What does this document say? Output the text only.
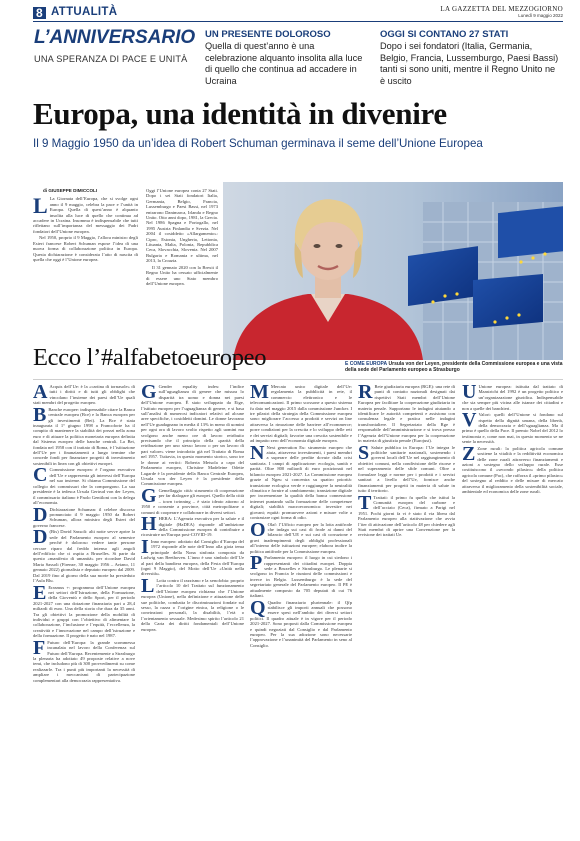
8 ATTUALITÀ	LA GAZZETTA DEL MEZZOGIORNO
Lunedì 9 maggio 2022
L’ANNIVERSARIO
UNA SPERANZA DI PACE E UNITÀ
UN PRESENTE DOLOROSO
Quella di quest’anno è una celebrazione alquanto insolita alla luce di quello che continua ad accadere in Ucraina
OGGI SI CONTANO 27 STATI
Dopo i sei fondatori (Italia, Germania, Belgio, Francia, Lussemburgo, Paesi Bassi) tanti si sono uniti, mentre il Regno Unito ne è uscito
Europa, una identità in divenire
Il 9 Maggio 1950 da un’idea di Robert Schuman germinava il seme dell’Unione Europea
di GIUSEPPE DIMICCOLI

L La Giornata dell’Europa, che si svolge ogni anno il 9 maggio, celebra la pace e l’unità in Europa. Quella di quest’anno è alquanto insolita alla luce di quello che continua ad accadere in Ucraina. Insomma è indispensabile che tutti riflettano sull’importanza del messaggio dei Padri fondatori dell’Unione europea.

Nel 1950, proprio il 9 Maggio, l’allora ministro degli Esteri francese Robert Schuman espose l’idea di una nuova forma di collaborazione politica in Europa. Questa dichiarazione è considerata l’atto di nascita di quella che oggi è l’Unione europea.

Oggi l’Unione europea conta 27 Stati. Dopo i sei Stati fondatori Italia, Germania, Belgio, Francia, Lussemburgo e Paesi Bassi, nel 1973 entrarono Danimarca, Irlanda e Regno Unito. Otto anni dopo, 1981, la Grecia. Nel 1986 Spagna e Portogallo, nel 1995 Austria Finlandia e Svezia. Nel 2004 il cosiddetto «Allargamento»: Cipro, Estonia, Ungheria, Lettonia, Lituania, Malta, Polonia, Repubblica Ceca, Slovacchia, Slovenia. Nel 2007 Bulgaria e Romania e ultima, nel 2013, la Croazia.

Il 31 gennaio 2020 con la Brexit il Regno Unito ha cessato ufficialmente di essere uno Stato membro dell’Unione europea.

Ecco l’#alfabetoeuropeo	E COME EUROPA Ursula von der Leyen, presidente della Commissione europea e una vista della sede del Parlamento europeo a Strasburgo

A Acquis dell’Ue: è la «cartina di tornasole» di tutti i diritti e di tutti gli obblighi che vincolano l’insieme dei paesi dell’Ue quali stati membri del progetto europeo.

B Banche europee: indispensabile citare la Banca centrale europea (Bce) e la Banca europea per gli investimenti (Bei). La Bce è stata inaugurata il 1° giugno 1998 a Francoforte ha il compito di mantenere la stabilità dei prezzi nella zona euro e di attuare la politica monetaria europea definita dal Sistema europeo delle banche centrali. La Bei, fondata nel 1958 con il trattato di Roma, è l’istituzione dell’Ue per i finanziamenti a lungo termine che concede fondi per finanziare progetti di investimento sostenibili in linea con gli obiettivi europei.

C Commissione europea: è l’organo esecutivo dell’Ue e rappresenta gli interessi dell’Europa nel suo insieme. Si chiama Commissione del collegio dei commissari che la compongono. La sua presidente è la tedesca Ursula Gertrud von der Leyen, il commissario italiano è Paolo Gentiloni con la delega all’economia.

D Dichiarazione Schuman: il celebre discorso pronunciato il 9 maggio 1950 da Robert Schuman, allora ministro degli Esteri del governo francese.

D (Bis) David Sassoli: alti notte sevve aprire la sede del Parlamento europeo al semestre perché è doloroso vedere tante persone cercare riparo dal freddo intenso agli angoli dell’edificio che ci ospita a Bruxelles. Si parte da questo «manifesto di umanità» per ricordare David Maria Sassoli (Firenze, 30 maggio 1956 – Aviano, 11 gennaio 2022) giornalista e deputato europeo dal 2009. Dal 2019 fino al giorno della sua morte ha presieduto l’Aula Blu.

E Erasmus +: programma dell’Unione europea nei settori dell’Istruzione, della Formazione, della Gioventù e dello Sport, per il periodo 2021-2027 con una dotazione finanziaria pari a 28,4 miliardi di euro. Una della storia che dura da 35 anni. Tra gli obiettivi la promozione della mobilità di individui e gruppi con l’obiettivo di alimentare la collaborazione, l’inclusione e l’equità, l’eccellenza, la creatività e l’innovazione nel campo dell’istruzione e della formazione. Il progetto è nato nel 1987.

F Futuro dell’Europa: la grande scommessa incanalata nel lavoro della Conferenza sul Futuro dell’Europa. Recentemente a Strasburgo la plenaria ha adottato 49 proposte relative a nove temi, che includono più di 300 provvedimenti su come realizzarle. Tra i punti più importanti la necessità di ampliare i meccanismi di partecipazione complementari alla democrazia rappresentativa.

G Gender equality index: l’indice sull’uguaglianza di genere che misura lo disparità tra uomo e donna nei paesi dell’Unione europea. È stato sviluppato da Eige, l’istituto europeo per l’uguaglianza di genere, e si basa sull’analisi di numerosi indicatori relativi ad alcune aree specifiche, i cosiddetti domini. Le donne lavorano nell’Ue guadagnano in media il 13% in meno di uomini per ogni ora di lavoro svolto rispetto agli uomini ma svolgono anche meno ore di lavoro retribuito precisando che il principio della «parità della retribuzione per uno stesso lavoro o per un lavoro di pari valore» viene introdotto già nel Trattato di Roma nel 1957. Tuttavia, in questo momento storico, sono tre le donne ai vertici: Roberta Metsola a capo del Parlamento europeo, Christine Madeleine Odette Lagarde è la presidente della Banca Centrale Europea, Ursula von der Leyen è la presidente della Commissione europea.

G Gemellaggio città: strumento di cooperazione per far dialogare gli europei. Quello della città – town twinning – è stato ideato attorno al 1950 e consente a province, città metropolitane o comuni di cooperare e collaborare in diversi settori.

HHERA: L’Agenzia esecutiva per la salute e il digitale (HaDEA) risponde all’ambizione della Commissione europea di contribuire a ricostruire un’Europa post-COVID-19.

I Inno europeo: adottato dal Consiglio d’Europa del 1972 risponde alle note dell’Inno alla gioia tema principale della Nona sinfonia composta da Ludwig van Beethoven. L’inno è uno simbolo dell’Ue al pari della bandiera europea, della Festa dell’Europa (ogni 9 Maggio), del Motto dell’Ue «Unità nella diversità».

L Lotta contro il razzismo e la xenofobia: proprio l’articolo 10 del Trattato sul funzionamento dell’Unione europea richiama che l’Unione europea (Unione), nella definizione e attuazione delle sue politiche, combatta le discriminazioni fondate sul sesso, la razza o l’origine etnica, la religione o le convinzioni personali, la disabilità, l’età o l’orientamento sessuale. Medesimo spirito l’articolo 21 della Carta dei diritti fondamentali dell’Unione europea.

M Mercato unico digitale dell’Ue: regolamenta la pubblicità in rete, il commercio elettronico e le telecomunicazioni. Il primo scossone a questo sistema fu dato nel maggio 2015 dalla commissione Juncker. I tre pilastri della strategia della Commissione europea sono: migliorare l’accesso a prodotti e servizi on line attraverso la rimozione delle barriere all’ecommerce; porre condizioni per la crescita e lo sviluppo delle reti e dei servizi digitali; favorire una crescita sostenibile e ad impatto zero dell’economia digitale europea.

N Next generation Eu: strumento europeo che aiuta, attraverso investimenti, i paesi membri a superare delle perdite dovute dalla crisi sanitaria. I campi di applicazione: ecologia, sanità e parità. Oltre 800 miliardi di euro posizionati nel bilancio europeo 2021-2027. La Commissione europea grazie al Ngeu si concentra su quattro priorità: transizione ecologica verde e raggiungere la neutralità climatica e fornire al cambiamento; transizione digitale per incrementare la qualità della banca connessione internet puntando sulla formazione delle competenze digitali; stabilità macroeconomica: investire nei giovani; equità: promuovere azioni e misure volte a contrastare ogni forma di odio.

O Olaf: l’Ufficio europeo per la lotta antifrode che indaga sui casi di frode ai danni del bilancio dell’UE e sui casi di corruzione e gravi inadempimenti degli obblighi professionali all’interno delle istituzioni europee; elabora inoltre la politica antifrode per la Commissione europea.

P Parlamento europeo: il luogo in cui siedono i rappresentanti dei cittadini europei. Doppia sede a Bruxelles e Strasburgo. Le plenarie si svolgono in Francia le riunioni delle commissioni e invece in Belgio. Lussemburgo è la sede del segretariato generale del Parlamento europeo. Il PE è attualmente composto da 705 deputati di cui 76 italiani.

Q Quadro finanziario pluriennale: il Qfp stabilisce gli importi annuali che possono essere spesi nell’ambito dei diversi settori politici. Il quadro attuale è in vigore per il periodo 2021-2027. Sono proposti dalla Commissione europea e quindi negoziati dal Consiglio e dal Parlamento europeo. Per la sua adozione sono necessarie l’approvazione e l’unanimità del Parlamento in seno al Consiglio.

R Rete giudiziaria europea (RGE): una rete di punti di contatto nazionali designati dai rispettivi Stati membri dell’Unione Europea per facilitare la cooperazione giudiziaria in materia penale. Supportano le indagini aiutando a identificare le autorità competenti e assistono con consulenza legale e pratica nelle indagini transfrontaliere. Il Segretariato della Rge è responsabile dell’amministrazione e si trova presso l’Agenzia dell’Unione europea per la cooperazione in materia di giustizia penale (Eurojust).

S Salute pubblica in Europa: l’Ue integra le politiche sanitarie nazionali, sostenendo i governi locali dell’Ue nel raggiungimento di obiettivi comuni, nella condivisione delle risorse e nel superamento delle sfide comuni. Oltre a formulare leggi e norme per i prodotti e i servizi sanitari a livello dell’Ue, fornisce anche finanziamenti per progetti in materia di salute in tutto il territorio.

T Trattati: il primo fu quello che istituì la Comunità europea del carbone e dell’acciaio (Ceca), firmato a Parigi nel 1951. Pochi giorni fa vi è stato il via libera dal Parlamento europeo alla riattivazione che avvia l’iter di attivazione dell’articolo 48 per chiedere agli Stati membri di aprire una Convenzione per la revisione dei trattati Ue.

U Unione europea: istituita dal trattato di Maastricht del 1992 è un progetto politico e un’organizzazione giuridica. Indispensabile che sia sempre più vicina alle istanze dei cittadini e non a quelle dei banchieri.

V Valori: quelli dell’Unione si fondano sul rispetto della dignità umana, della libertà, della democrazia e dell’uguaglianza. Ma il primo è quello della Pace. Il premio Nobel del 2012 lo testimonia e, come non mai, in questo momento se ne sente la necessità.

Z Zone rurali: la politica agricola comune sostiene la vitalità e la redditività economica delle zone rurali attraverso finanziamenti e azioni a sostegno dello sviluppo rurale. Esse costituiscono il «secondo pilastro» della politica agricola comune (Pac), che rafforza il «primo pilastro» del sostegno al reddito e delle misure di mercato attraverso il miglioramento della sostenibilità sociale, ambientale ed economica delle zone rurali.
